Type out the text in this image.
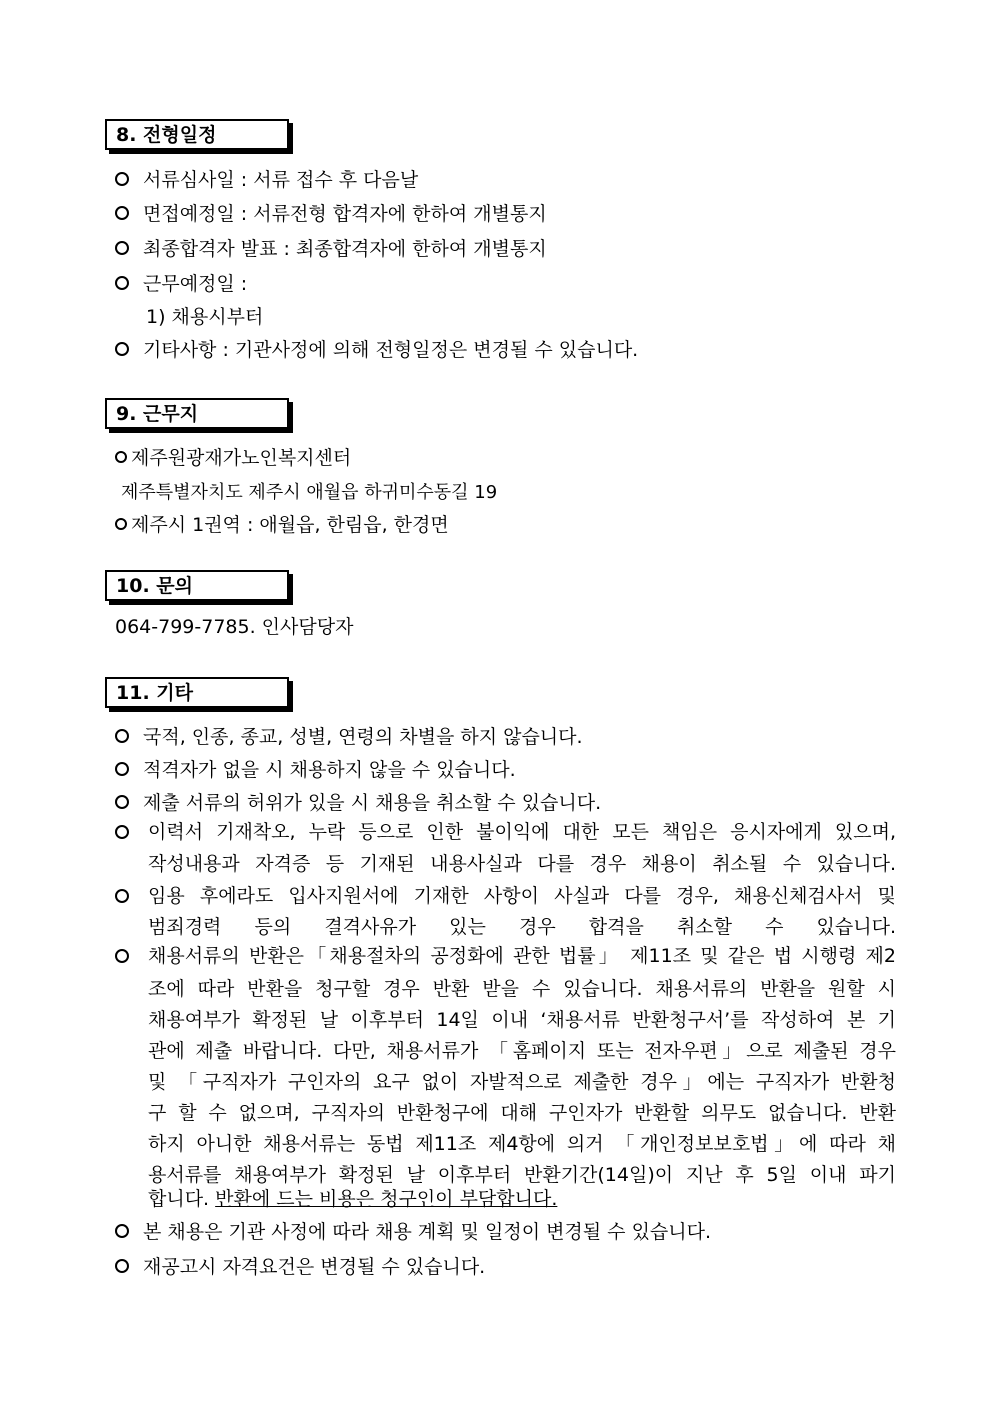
8. 전형일정
서류심사일 : 서류 접수 후 다음날
면접예정일 : 서류전형 합격자에 한하여 개별통지
최종합격자 발표 : 최종합격자에 한하여 개별통지
근무예정일 :
1) 채용시부터
기타사항 : 기관사정에 의해 전형일정은 변경될 수 있습니다.
9. 근무지
제주원광재가노인복지센터
제주특별자치도 제주시 애월읍 하귀미수동길 19
제주시 1권역 : 애월읍, 한림읍, 한경면
10. 문의
064-799-7785. 인사담당자
11. 기타
국적, 인종, 종교, 성별, 연령의 차별을 하지 않습니다.
적격자가 없을 시 채용하지 않을 수 있습니다.
제출 서류의 허위가 있을 시 채용을 취소할 수 있습니다.
이력서 기재착오, 누락 등으로 인한 불이익에 대한 모든 책임은 응시자에게 있으며,
작성내용과 자격증 등 기재된 내용사실과 다를 경우 채용이 취소될 수 있습니다.
임용 후에라도 입사지원서에 기재한 사항이 사실과 다를 경우, 채용신체검사서 및
범죄경력 등의 결격사유가 있는 경우 합격을 취소할 수 있습니다.
채용서류의 반환은「채용절차의 공정화에 관한 법률」 제11조 및 같은 법 시행령 제2
조에 따라 반환을 청구할 경우 반환 받을 수 있습니다. 채용서류의 반환을 원할 시
채용여부가 확정된 날 이후부터 14일 이내 ‘채용서류 반환청구서’를 작성하여 본 기
관에 제출 바랍니다. 다만, 채용서류가 「홈페이지 또는 전자우편」으로 제출된 경우
및 「구직자가 구인자의 요구 없이 자발적으로 제출한 경우」에는 구직자가 반환청
구 할 수 없으며, 구직자의 반환청구에 대해 구인자가 반환할 의무도 없습니다. 반환
하지 아니한 채용서류는 동법 제11조 제4항에 의거 「개인정보보호법」에 따라 채
용서류를 채용여부가 확정된 날 이후부터 반환기간(14일)이 지난 후 5일 이내 파기
합니다. 반환에 드는 비용은 청구인이 부담합니다.
본 채용은 기관 사정에 따라 채용 계획 및 일정이 변경될 수 있습니다.
재공고시 자격요건은 변경될 수 있습니다.
